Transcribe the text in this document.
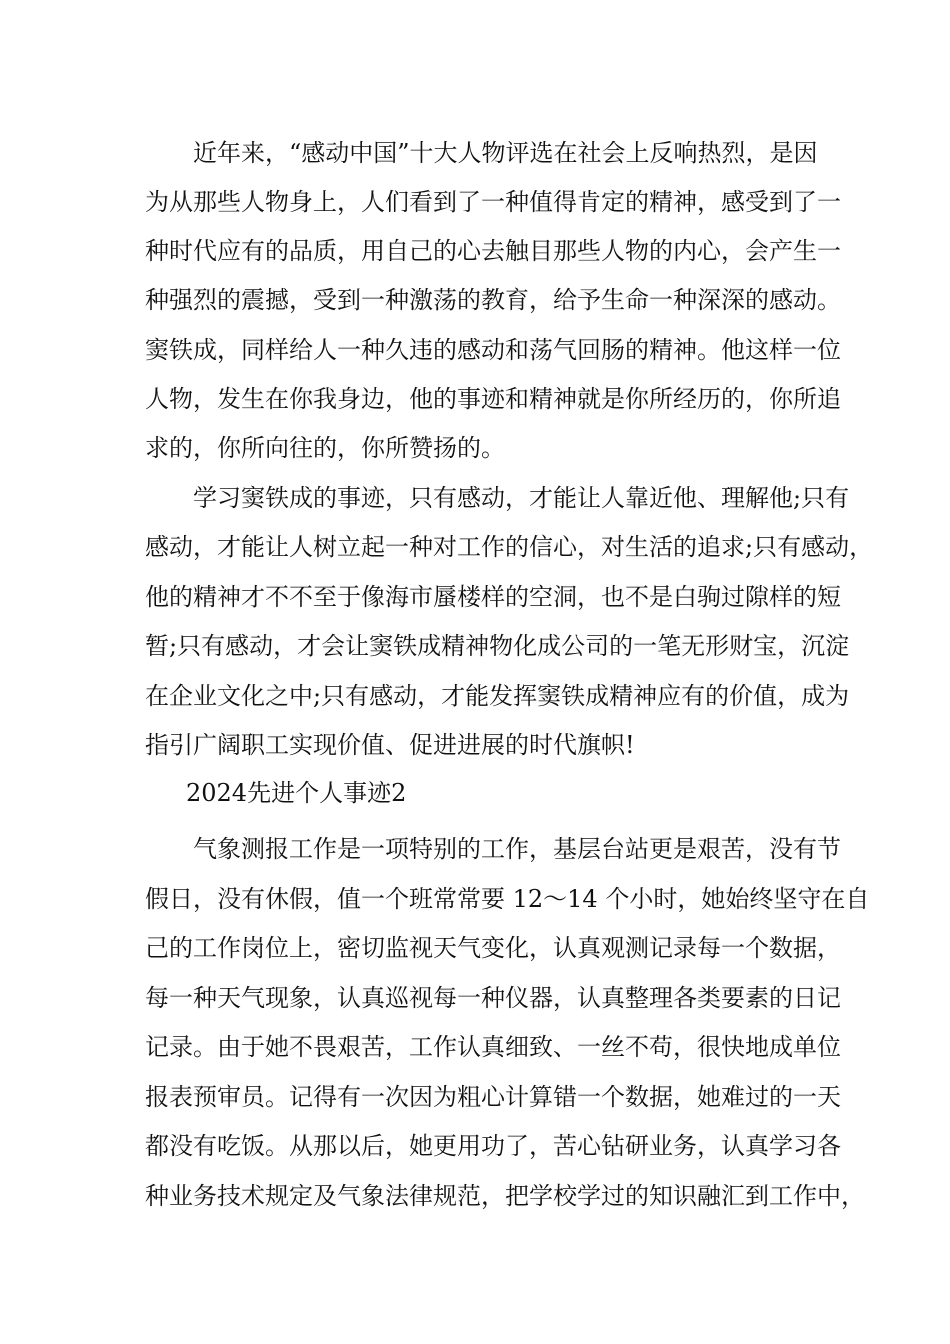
近年来，“感动中国”十大人物评选在社会上反响热烈，是因
为从那些人物身上，人们看到了一种值得肯定的精神，感受到了一
种时代应有的品质，用自己的心去触目那些人物的内心，会产生一
种强烈的震撼，受到一种激荡的教育，给予生命一种深深的感动。
窦铁成，同样给人一种久违的感动和荡气回肠的精神。他这样一位
人物，发生在你我身边，他的事迹和精神就是你所经历的，你所追
求的，你所向往的，你所赞扬的。
学习窦铁成的事迹，只有感动，才能让人靠近他、理解他;只有
感动，才能让人树立起一种对工作的信心，对生活的追求;只有感动，
他的精神才不不至于像海市蜃楼样的空洞，也不是白驹过隙样的短
暂;只有感动，才会让窦铁成精神物化成公司的一笔无形财宝，沉淀
在企业文化之中;只有感动，才能发挥窦铁成精神应有的价值，成为
指引广阔职工实现价值、促进进展的时代旗帜!
2024先进个人事迹2
气象测报工作是一项特别的工作，基层台站更是艰苦，没有节
假日，没有休假，值一个班常常要 12～14 个小时，她始终坚守在自
己的工作岗位上，密切监视天气变化，认真观测记录每一个数据，
每一种天气现象，认真巡视每一种仪器，认真整理各类要素的日记
记录。由于她不畏艰苦，工作认真细致、一丝不苟，很快地成单位
报表预审员。记得有一次因为粗心计算错一个数据，她难过的一天
都没有吃饭。从那以后，她更用功了，苦心钻研业务，认真学习各
种业务技术规定及气象法律规范，把学校学过的知识融汇到工作中，
